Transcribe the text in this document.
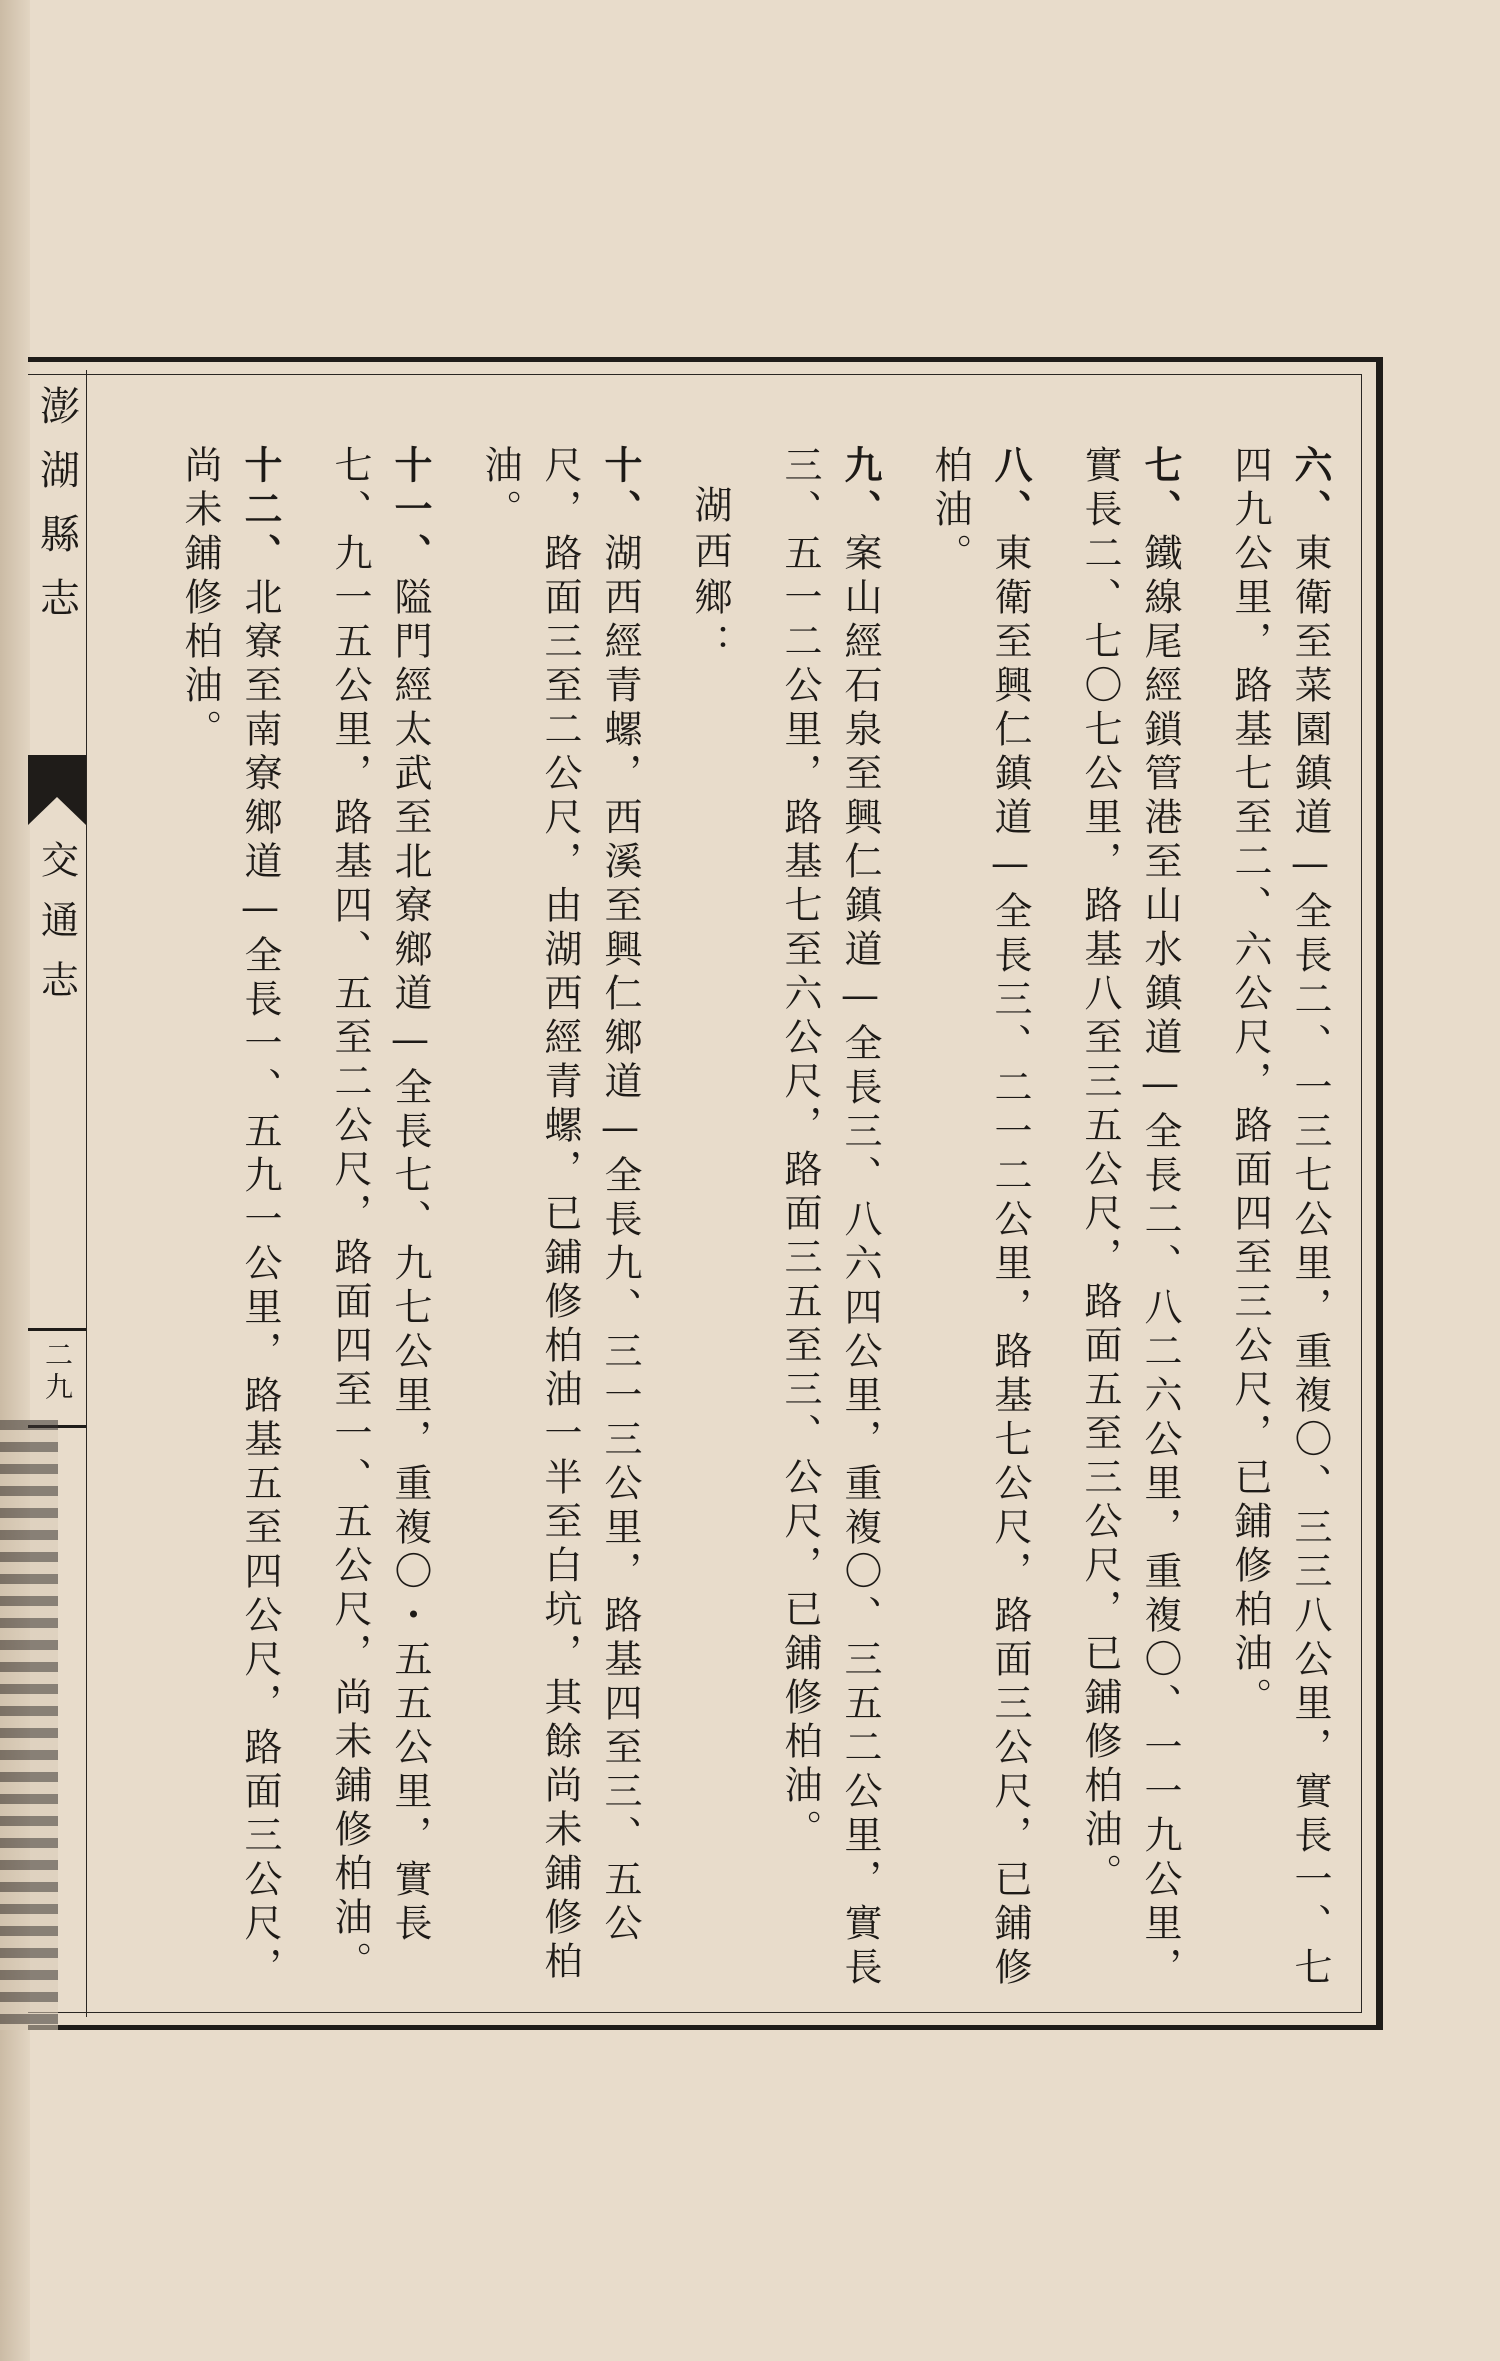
澎湖縣志
交通志
二九
六、東衛至菜園鎮道—全長二、一三七公里，重複〇、三三八公里，實長一、七四九公里，路基七至二、六公尺，路面四至三公尺，已鋪修柏油。
七、鐵線尾經鎖管港至山水鎮道—全長二、八二六公里，重複〇、一一九公里，實長二、七〇七公里，路基八至三五公尺，路面五至三公尺，已鋪修柏油。
八、東衛至興仁鎮道—全長三、二一二公里，路基七公尺，路面三公尺，已鋪修柏油。
九、案山經石泉至興仁鎮道—全長三、八六四公里，重複〇、三五二公里，實長三、五一二公里，路基七至六公尺，路面三五至三、公尺，已鋪修柏油。
湖西鄉：
十、湖西經青螺，西溪至興仁鄉道—全長九、三一三公里，路基四至三、五公尺，路面三至二公尺，由湖西經青螺，已鋪修柏油一半至白坑，其餘尚未鋪修柏油。
十一、隘門經太武至北寮鄉道—全長七、九七公里，重複〇・五五公里，實長七、九一五公里，路基四、五至二公尺，路面四至一、五公尺，尚未鋪修柏油。
十二、北寮至南寮鄉道—全長一、五九一公里，路基五至四公尺，路面三公尺，尚未鋪修柏油。
